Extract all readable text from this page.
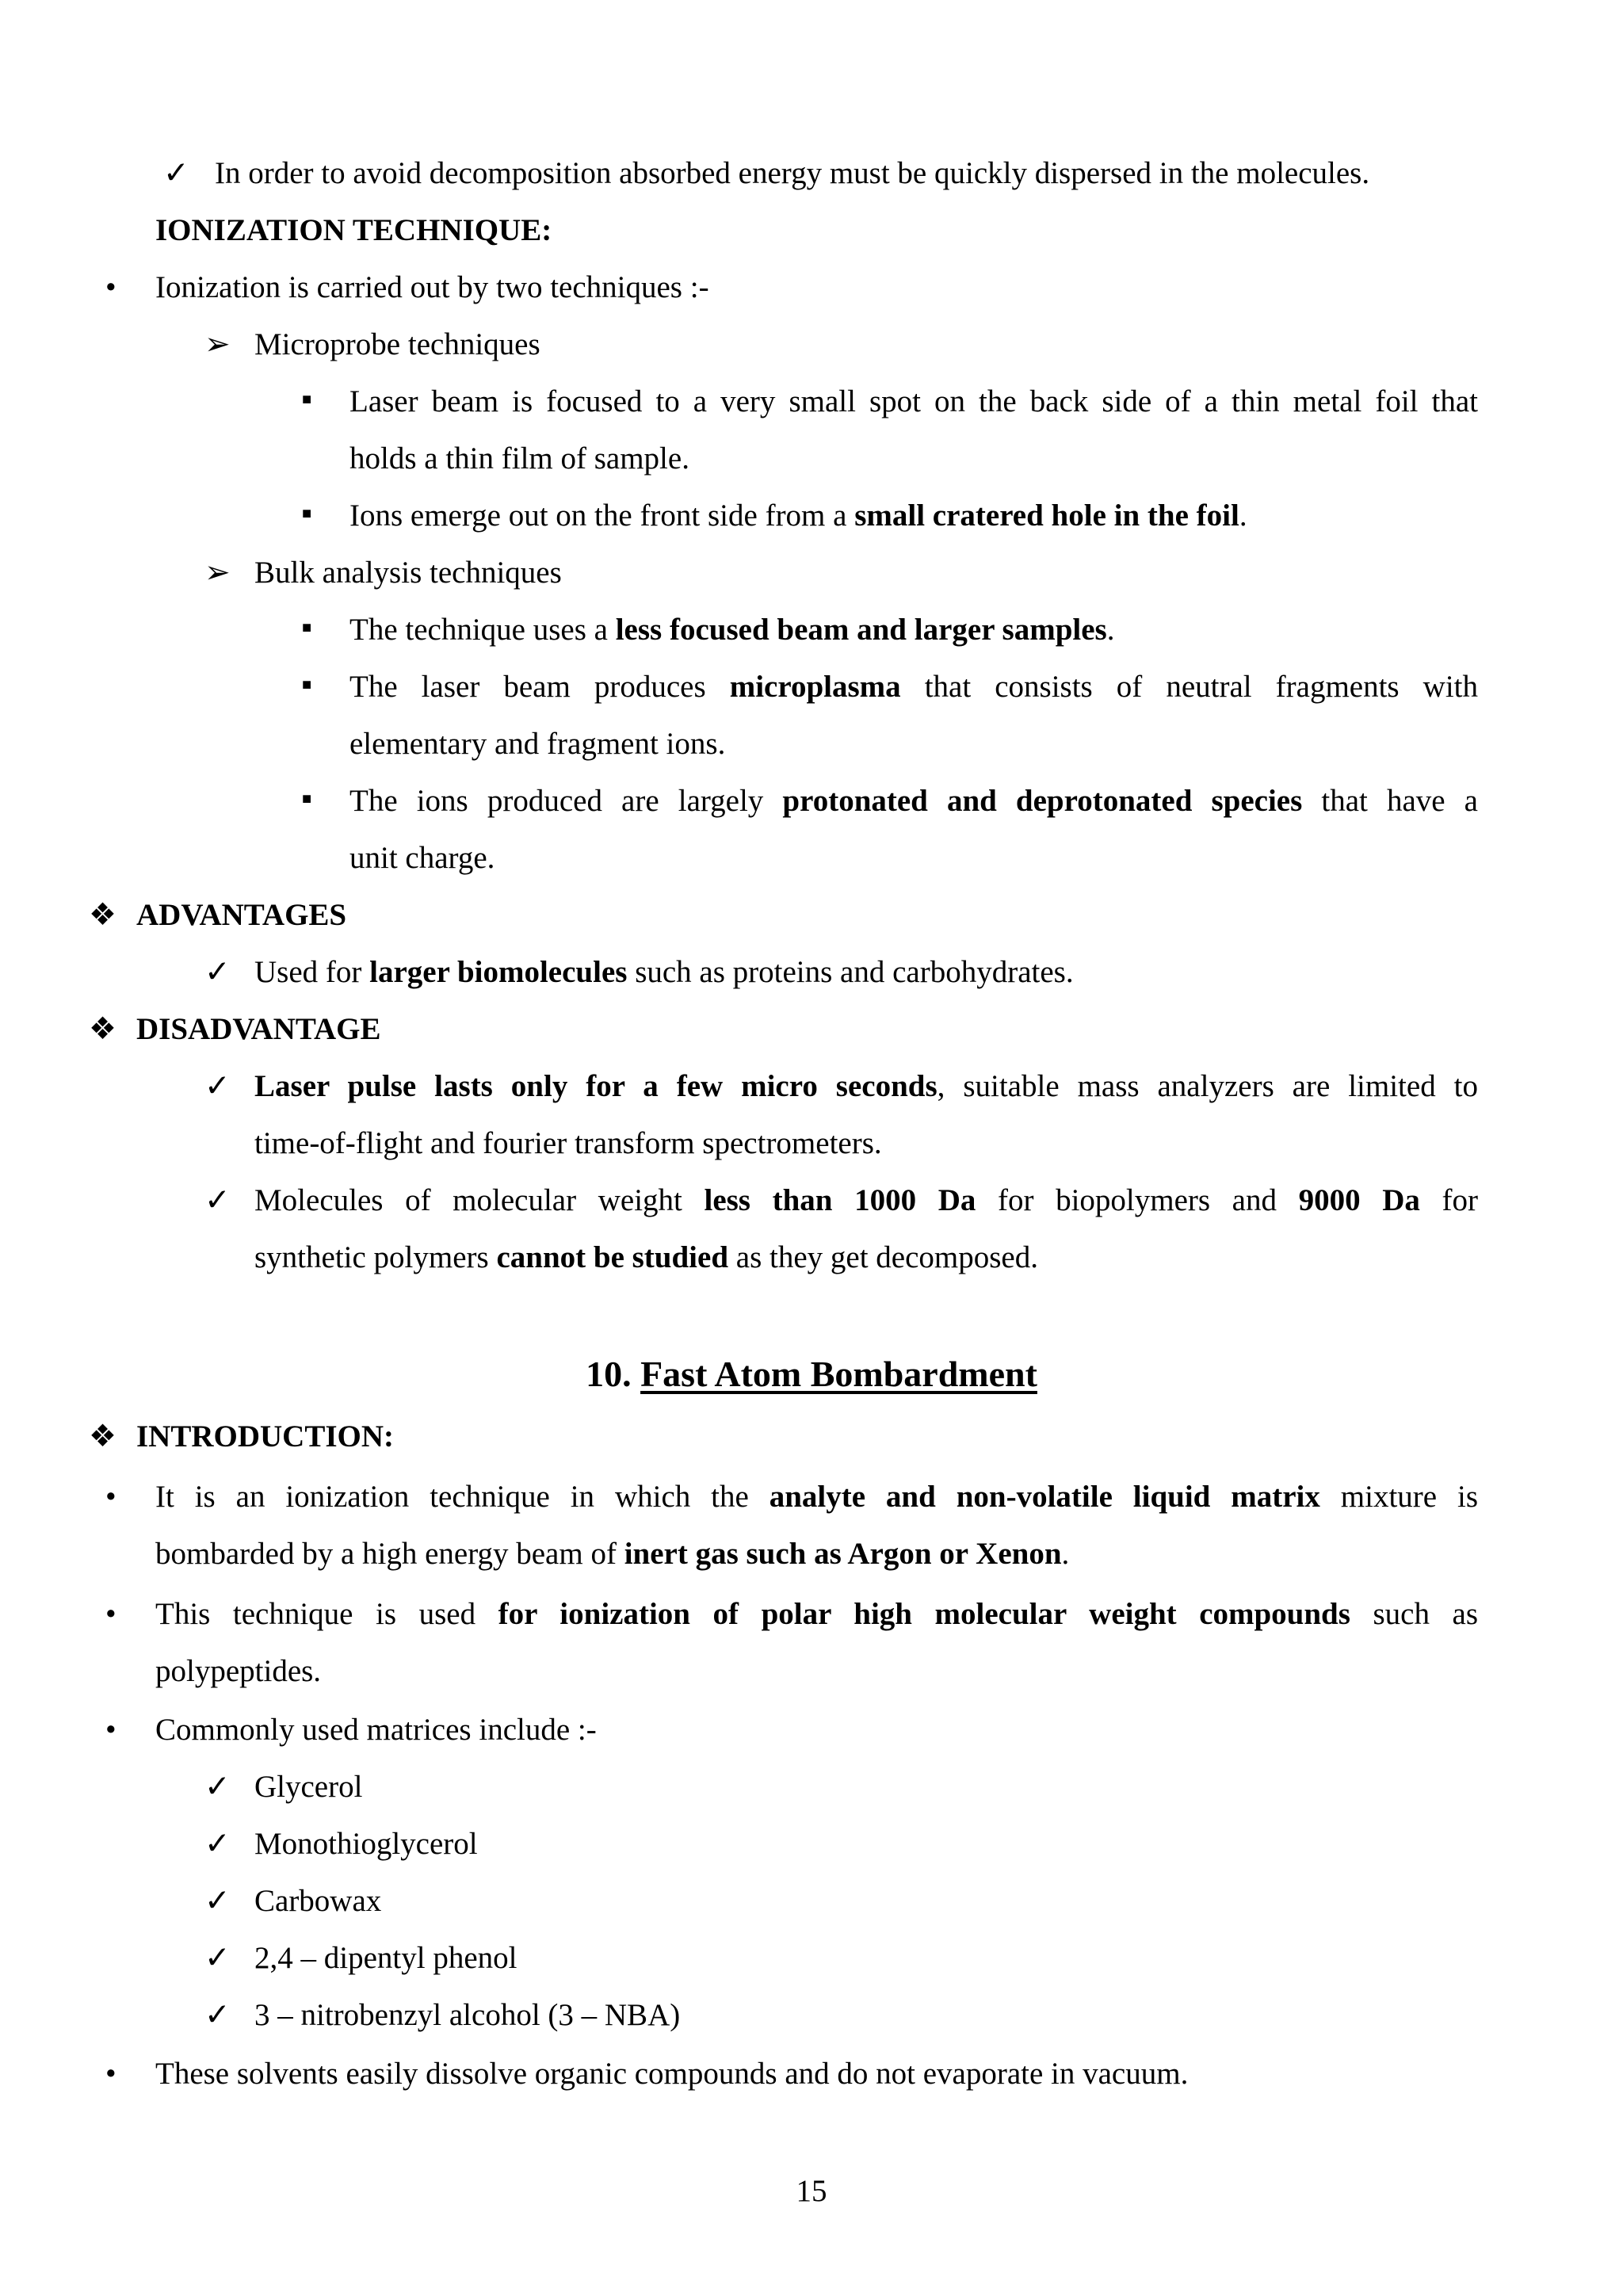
✓ In order to avoid decomposition absorbed energy must be quickly dispersed in the molecules.
IONIZATION TECHNIQUE:
• Ionization is carried out by two techniques :-
➢ Microprobe techniques
■ Laser beam is focused to a very small spot on the back side of a thin metal foil that
holds a thin film of sample.
■ Ions emerge out on the front side from a small cratered hole in the foil.
➢ Bulk analysis techniques
■ The technique uses a less focused beam and larger samples.
■ The laser beam produces microplasma that consists of neutral fragments with
elementary and fragment ions.
■ The ions produced are largely protonated and deprotonated species that have a
unit charge.
❖ ADVANTAGES
✓ Used for larger biomolecules such as proteins and carbohydrates.
❖ DISADVANTAGE
✓ Laser pulse lasts only for a few micro seconds, suitable mass analyzers are limited to
time-of-flight and fourier transform spectrometers.
✓ Molecules of molecular weight less than 1000 Da for biopolymers and 9000 Da for
synthetic polymers cannot be studied as they get decomposed.
10. Fast Atom Bombardment
❖ INTRODUCTION:
• It is an ionization technique in which the analyte and non-volatile liquid matrix mixture is
bombarded by a high energy beam of inert gas such as Argon or Xenon.
• This technique is used for ionization of polar high molecular weight compounds such as
polypeptides.
• Commonly used matrices include :-
✓ Glycerol
✓ Monothioglycerol
✓ Carbowax
✓ 2,4 – dipentyl phenol
✓ 3 – nitrobenzyl alcohol (3 – NBA)
• These solvents easily dissolve organic compounds and do not evaporate in vacuum.
15
